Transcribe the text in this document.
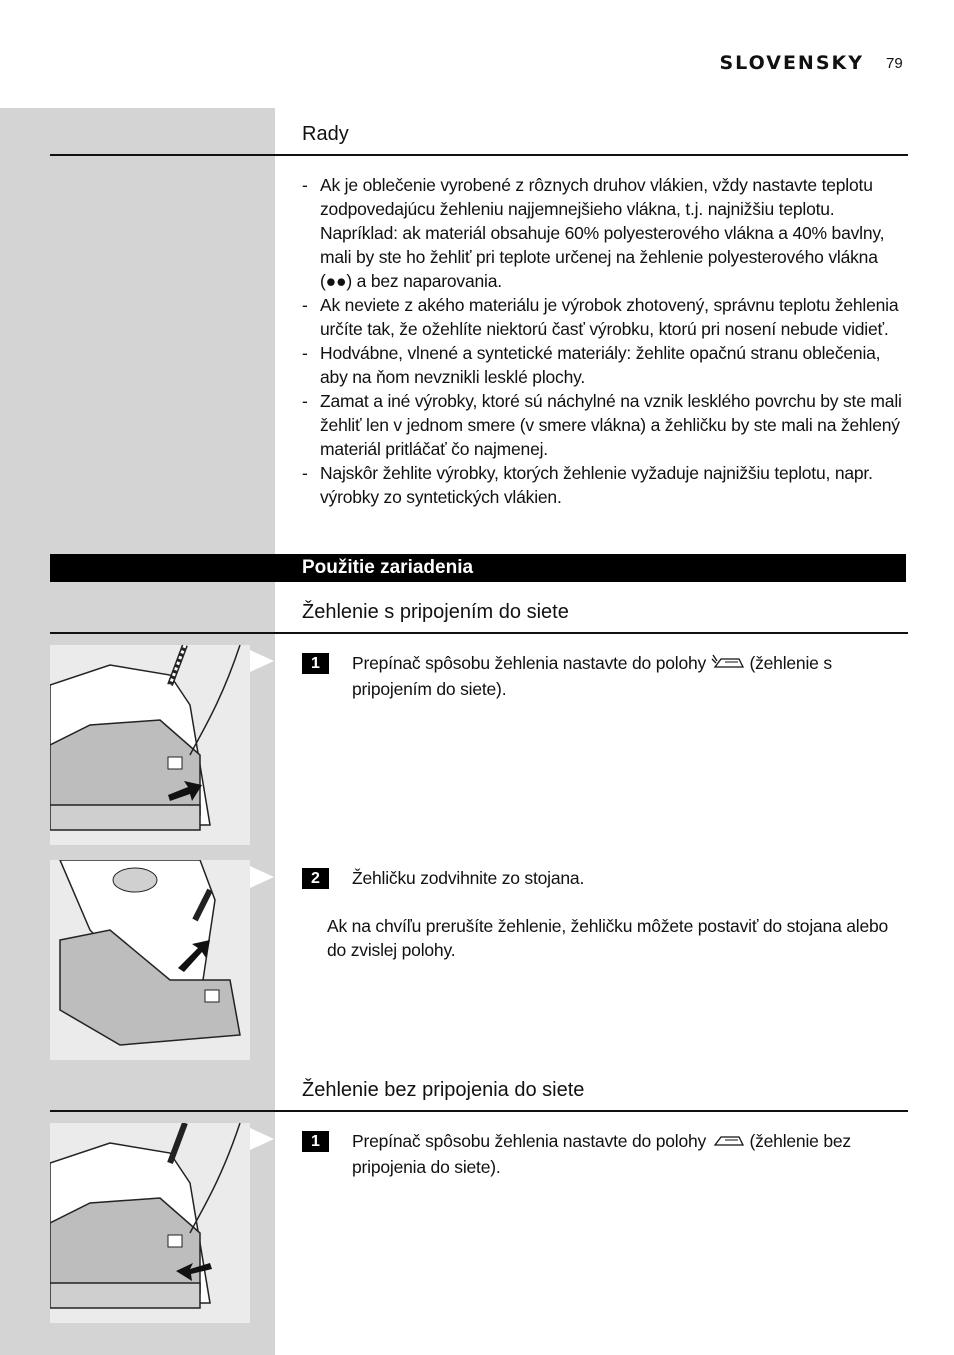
SLOVENSKY 79
Rady
- Ak je oblečenie vyrobené z rôznych druhov vlákien, vždy nastavte teplotu zodpovedajúcu žehleniu najjemnejšieho vlákna, t.j. najnižšiu teplotu. Napríklad: ak materiál obsahuje 60% polyesterového vlákna a 40% bavlny, mali by ste ho žehliť pri teplote určenej na žehlenie polyesterového vlákna (●●) a bez naparovania.
- Ak neviete z akého materiálu je výrobok zhotovený, správnu teplotu žehlenia určíte tak, že ožehlíte niektorú časť výrobku, ktorú pri nosení nebude vidieť.
- Hodvábne, vlnené a syntetické materiály: žehlite opačnú stranu oblečenia, aby na ňom nevznikli lesklé plochy.
- Zamat a iné výrobky, ktoré sú náchylné na vznik lesklého povrchu by ste mali žehliť len v jednom smere (v smere vlákna) a žehličku by ste mali na žehlený materiál pritláčať čo najmenej.
- Najskôr žehlite výrobky, ktorých žehlenie vyžaduje najnižšiu teplotu, napr. výrobky zo syntetických vlákien.
Použitie zariadenia
Žehlenie s pripojením do siete
1	Prepínač spôsobu žehlenia nastavte do polohy (žehlenie s pripojením do siete).
2	Žehličku zodvihnite zo stojana.
Ak na chvíľu prerušíte žehlenie, žehličku môžete postaviť do stojana alebo do zvislej polohy.
Žehlenie bez pripojenia do siete
1	Prepínač spôsobu žehlenia nastavte do polohy (žehlenie bez pripojenia do siete).
